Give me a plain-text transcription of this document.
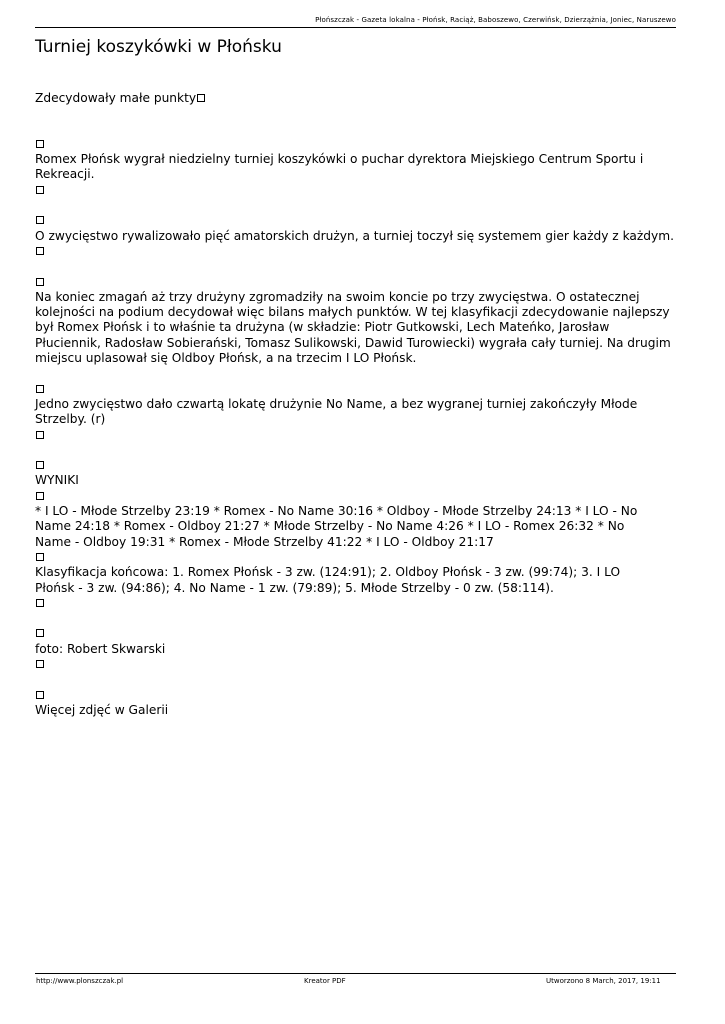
Płońszczak - Gazeta lokalna - Płońsk, Raciąż, Baboszewo, Czerwińsk, Dzierzążnia, Joniec, Naruszewo
Turniej koszykówki w Płońsku
Zdecydowały małe punkty
Romex Płońsk wygrał niedzielny turniej koszykówki o puchar dyrektora Miejskiego Centrum Sportu i
Rekreacji.
O zwycięstwo rywalizowało pięć amatorskich drużyn, a turniej toczył się systemem gier każdy z każdym.
Na koniec zmagań aż trzy drużyny zgromadziły na swoim koncie po trzy zwycięstwa. O ostatecznej
kolejności na podium decydował więc bilans małych punktów. W tej klasyfikacji zdecydowanie najlepszy
był Romex Płońsk i to właśnie ta drużyna (w składzie: Piotr Gutkowski, Lech Mateńko, Jarosław
Płuciennik, Radosław Sobierański, Tomasz Sulikowski, Dawid Turowiecki) wygrała cały turniej. Na drugim
miejscu uplasował się Oldboy Płońsk, a na trzecim I LO Płońsk.
Jedno zwycięstwo dało czwartą lokatę drużynie No Name, a bez wygranej turniej zakończyły Młode
Strzelby. (r)
WYNIKI
* I LO - Młode Strzelby 23:19 * Romex - No Name 30:16 * Oldboy - Młode Strzelby 24:13 * I LO - No
Name 24:18 * Romex - Oldboy 21:27 * Młode Strzelby - No Name 4:26 * I LO - Romex 26:32 * No
Name - Oldboy 19:31 * Romex - Młode Strzelby 41:22 * I LO - Oldboy 21:17
Klasyfikacja końcowa: 1. Romex Płońsk - 3 zw. (124:91); 2. Oldboy Płońsk - 3 zw. (99:74); 3. I LO
Płońsk - 3 zw. (94:86); 4. No Name - 1 zw. (79:89); 5. Młode Strzelby - 0 zw. (58:114).
foto: Robert Skwarski
Więcej zdjęć w Galerii
http://www.plonszczak.pl	Kreator PDF	Utworzono 8 March, 2017, 19:11
